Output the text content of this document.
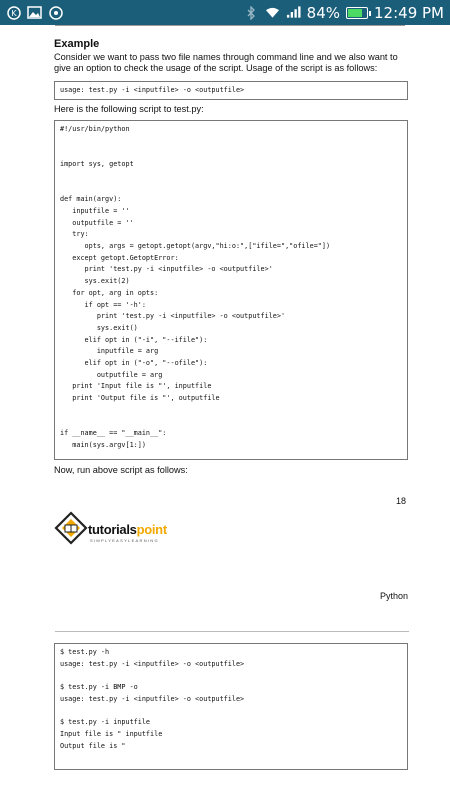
K	84% 12:49 PM
Example
Consider we want to pass two file names through command line and we also want to give an option to check the usage of the script. Usage of the script is as follows:
usage: test.py -i <inputfile> -o <outputfile>
Here is the following script to test.py:
#!/usr/bin/python

import sys, getopt

def main(argv):
inputfile = ''
outputfile = ''
try:
opts, args = getopt.getopt(argv,"hi:o:",["ifile=","ofile="])
except getopt.GetoptError:
print 'test.py -i <inputfile> -o <outputfile>'
sys.exit(2)
for opt, arg in opts:
if opt == '-h':
print 'test.py -i <inputfile> -o <outputfile>'
sys.exit()
elif opt in ("-i", "--ifile"):
inputfile = arg
elif opt in ("-o", "--ofile"):
outputfile = arg
print 'Input file is "', inputfile
print 'Output file is "', outputfile

if __name__ == "__main__":
main(sys.argv[1:])
Now, run above script as follows:
18
tutorialspoint
SIMPLYEASYLEARNING
Python
$ test.py -h
usage: test.py -i <inputfile> -o <outputfile>

$ test.py -i BMP -o
usage: test.py -i <inputfile> -o <outputfile>

$ test.py -i inputfile
Input file is " inputfile
Output file is "
